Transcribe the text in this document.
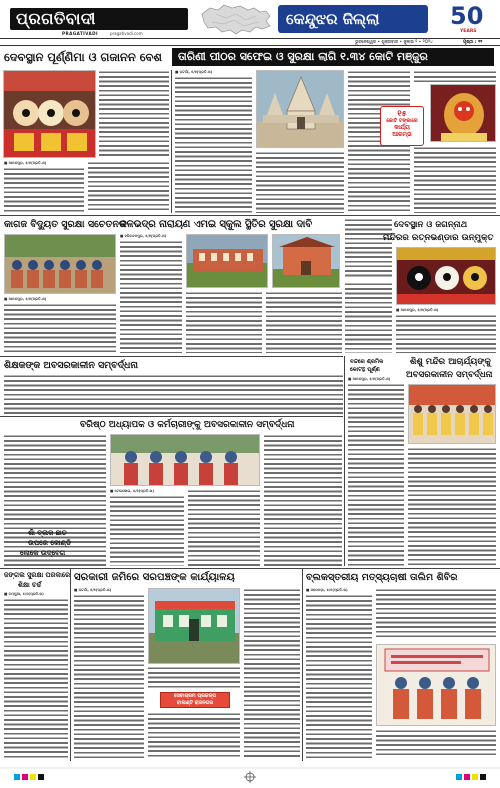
ପ୍ରଗତିବାଦୀ
PRAGATIVADI	pragativadi.com
କେନ୍ଦୁଝର ଜିଲ୍ଲା	50
YEARS
ଭୁବନେଶ୍ୱର • ଶୁକ୍ରବାର • ଜୁଲାଇ ୨ • ୨୦୨୪	ପୃଷ୍ଠା : ୧୧
ଦେବସ୍ଥାନ ପୂର୍ଣ୍ଣିମା ଓ ଗଜାନନ ବେଶ ତାରିଣୀ ପୀଠର ସଫେଇ ଓ ସୁରକ୍ଷା ଲାଗି ୧.୩୪ କୋଟି ମଞ୍ଜୁର
■ ଆନନ୍ଦପୁର, ୫/୭(ପ୍ରତି.ଖ)
■ ଘଟଗାଁ, ୫/୭(ପ୍ରତି.ଖ)
୧୫
କୋଟି ଟଙ୍କାରେ
କାର୍ଯ୍ୟ
ଆରମ୍ଭ
କାଗଜ ବିଦ୍ୟୁତ ସୁରକ୍ଷା ସଚେତନତା
■ ଆନନ୍ଦପୁର, ୫/୭(ପ୍ରତି.ଖ)
ବଳଭଦ୍ର ନାରାୟଣ ଏମଇ ସ୍କୁଲ ସ୍ଥିତିର ସୁରକ୍ଷା ଦାବି
■ ହରିଚନ୍ଦନପୁର, ୫/୭(ପ୍ରତି.ଖ)
ଦେବସ୍ଥାନ ଓ ଜଗନ୍ନାଥ
ମନ୍ଦିରର ରତ୍ନଭଣ୍ଡାର ଉନ୍ମୁକ୍ତ
■ ଆନନ୍ଦପୁର, ୫/୭(ପ୍ରତି.ଖ)
ଶିକ୍ଷକଙ୍କ ଅବସରକାଳୀନ ସମ୍ବର୍ଦ୍ଧନା
ବରିଷ୍ଠ ଅଧ୍ୟାପକ ଓ କର୍ମଚାରୀଙ୍କୁ ଅବସରକାଳୀନ ସମ୍ବର୍ଦ୍ଧନା
■ ଟେଲକୋଇ, ୫/୭(ପ୍ରତି.ଖ)
ବନ୍ଦରେ ଶ୍ରମିକ
କୋଟନ୍ଥ ଘୂର୍ଣ୍ଣ
■ ଆନନ୍ଦପୁର, ୫/୭(ପ୍ରତି.ଖ)
ଶିଶୁ ମନ୍ଦିର ଆଚାର୍ଯ୍ୟଙ୍କୁ
ଅବସରକାଳୀନ ସମ୍ବର୍ଦ୍ଧନା
ଶାଁ ବ୍ଲକ ଛାତ
ଉପରେ କୋଣ୍ଡି
ଲୋକେ ଉଦ୍ବେଗ
ଜଙ୍ଗଲ ସୁରକ୍ଷା ପରକାରେ
ଶିକ୍ଷା ଚର୍ଚ୍ଚ
■ ଚମ୍ପୁଆ, ୫/୭(ପ୍ରତି.ଖ)
ସରକାରୀ ଜମିରେ ସରପଞ୍ଚଙ୍କ କାର୍ଯ୍ୟାଳୟ
■ ଘଟଗାଁ, ୫/୭(ପ୍ରତି.ଖ)
ସେବାଶ୍ରମ ପ୍ରକଳ୍ପ
ବାଲଣ୍ଟି ରାଜନଗର
ବ୍ଲକସ୍ତରୀୟ ମତ୍ସ୍ୟଚାଷୀ ତାଲିମ ଶିବିର
■ ସହରପଡ଼ା, ୫/୭(ପ୍ରତି.ଖ)
